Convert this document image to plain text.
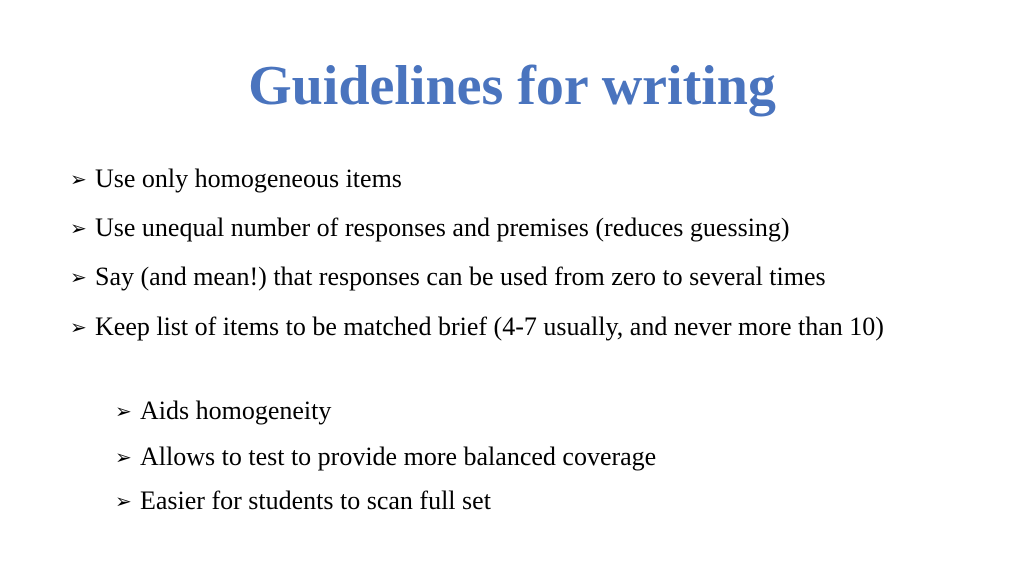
Guidelines for writing
➢ Use only homogeneous items
➢ Use unequal number of responses and premises (reduces guessing)
➢ Say (and mean!) that responses can be used from zero to several times
➢ Keep list of items to be matched brief (4-7 usually, and never more than 10)
➢ Aids homogeneity
➢ Allows to test to provide more balanced coverage
➢ Easier for students to scan full set
